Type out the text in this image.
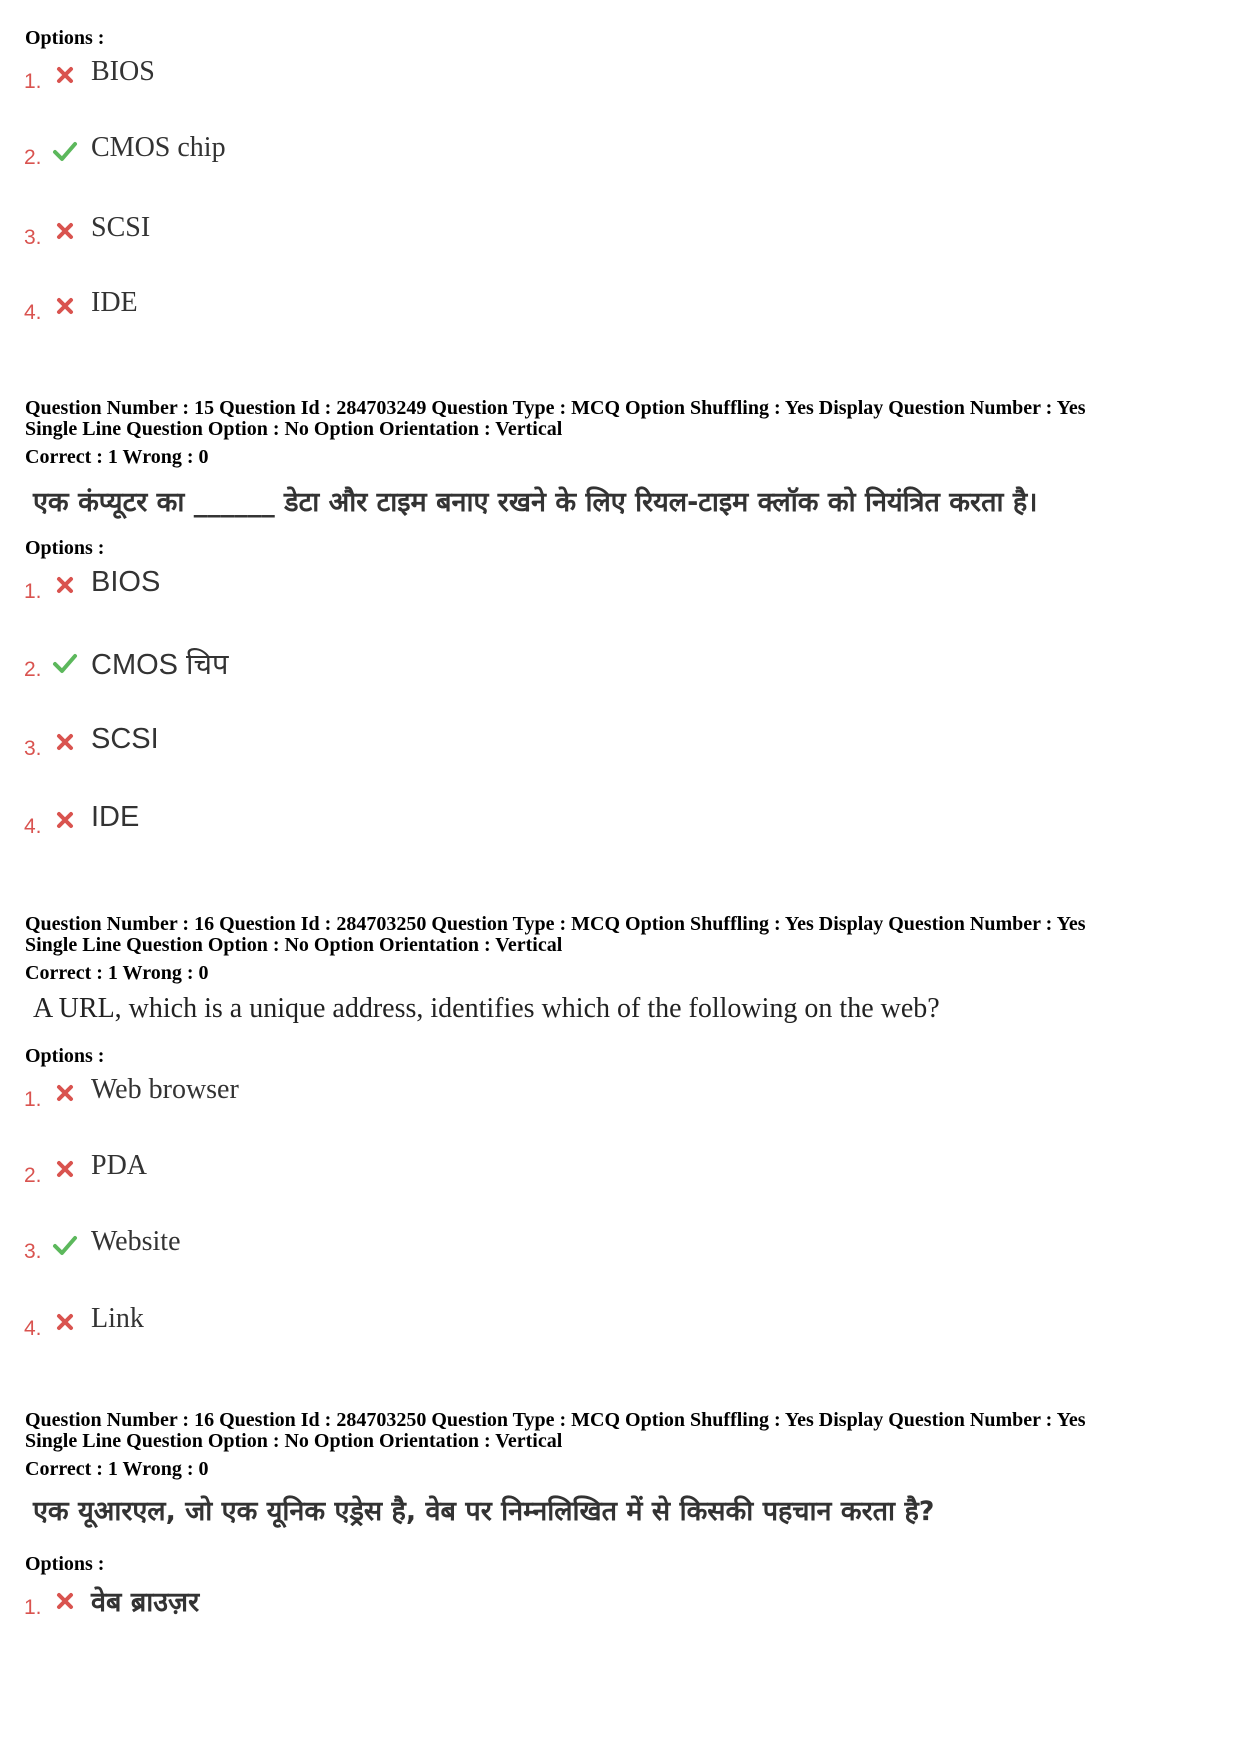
Options :
1. BIOS
2. CMOS chip
3. SCSI
4. IDE
Question Number : 15 Question Id : 284703249 Question Type : MCQ Option Shuffling : Yes Display Question Number : Yes
Single Line Question Option : No Option Orientation : Vertical
Correct : 1 Wrong : 0
एक कंप्यूटर का ______ डेटा और टाइम बनाए रखने के लिए रियल-टाइम क्लॉक को नियंत्रित करता है।
Options :
1. BIOS
2. CMOS चिप
3. SCSI
4. IDE
Question Number : 16 Question Id : 284703250 Question Type : MCQ Option Shuffling : Yes Display Question Number : Yes
Single Line Question Option : No Option Orientation : Vertical
Correct : 1 Wrong : 0
A URL, which is a unique address, identifies which of the following on the web?
Options :
1. Web browser
2. PDA
3. Website
4. Link
Question Number : 16 Question Id : 284703250 Question Type : MCQ Option Shuffling : Yes Display Question Number : Yes
Single Line Question Option : No Option Orientation : Vertical
Correct : 1 Wrong : 0
एक यूआरएल, जो एक यूनिक एड्रेस है, वेब पर निम्नलिखित में से किसकी पहचान करता है?
Options :
1. वेब ब्राउज़र
